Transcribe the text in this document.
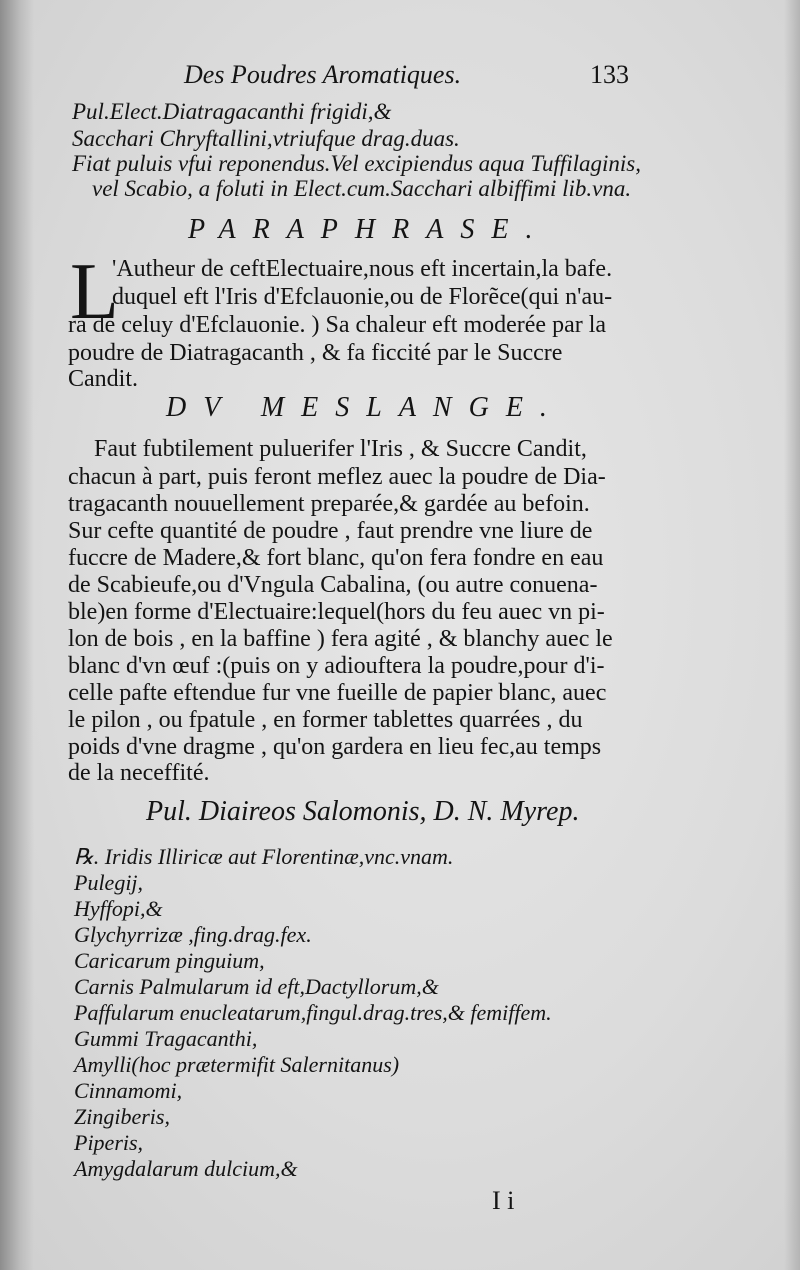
Des Poudres Aromatiques.	133
Pul.Elect.Diatragacanthi frigidi,&
Sacchari Chryftallini,vtriufque drag.duas.
Fiat puluis vfui reponendus.Vel excipiendus aqua Tuffilaginis,
vel Scabio, a foluti in Elect.cum.Sacchari albiffimi lib.vna.
PARAPHRASE.
L
'Autheur de ceftElectuaire,nous eft incertain,la bafe.
duquel eft l'Iris d'Efclauonie,ou de Florẽce(qui n'au-
ra de celuy d'Efclauonie. ) Sa chaleur eft moderée par la
poudre de Diatragacanth , & fa ficcité par le Succre
Candit.
DV MESLANGE.
Faut fubtilement puluerifer l'Iris , & Succre Candit,
chacun à part, puis feront meflez auec la poudre de Dia-
tragacanth nouuellement preparée,& gardée au befoin.
Sur cefte quantité de poudre , faut prendre vne liure de
fuccre de Madere,& fort blanc, qu'on fera fondre en eau
de Scabieufe,ou d'Vngula Cabalina, (ou autre conuena-
ble)en forme d'Electuaire:lequel(hors du feu auec vn pi-
lon de bois , en la baffine ) fera agité , & blanchy auec le
blanc d'vn œuf :(puis on y adiouftera la poudre,pour d'i-
celle pafte eftendue fur vne fueille de papier blanc, auec
le pilon , ou fpatule , en former tablettes quarrées , du
poids d'vne dragme , qu'on gardera en lieu fec,au temps
de la neceffité.
Pul. Diaireos Salomonis, D. N. Myrep.
℞. Iridis Illiricæ aut Florentinæ,vnc.vnam.
Pulegij,
Hyffopi,&
Glychyrrizæ ,fing.drag.fex.
Caricarum pinguium,
Carnis Palmularum id eft,Dactyllorum,&
Paffularum enucleatarum,fingul.drag.tres,& femiffem.
Gummi Tragacanthi,
Amylli(hoc prætermifit Salernitanus)
Cinnamomi,
Zingiberis,
Piperis,
Amygdalarum dulcium,&
I i
